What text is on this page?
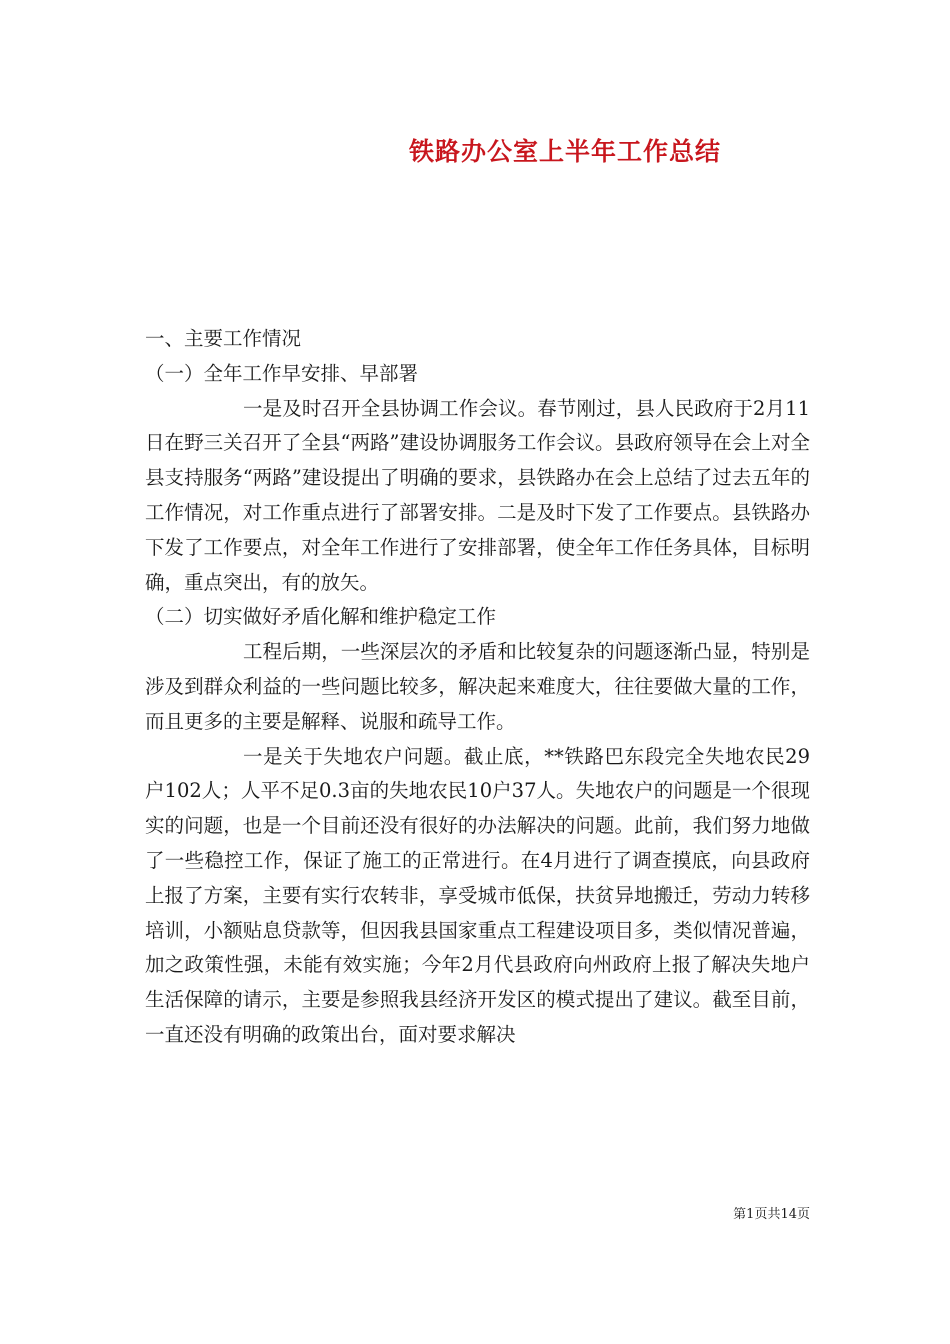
铁路办公室上半年工作总结

一、主要工作情况

（一）全年工作早安排、早部署

一是及时召开全县协调工作会议。春节刚过，县人民政府于2月11日在野三关召开了全县“两路”建设协调服务工作会议。县政府领导在会上对全县支持服务“两路”建设提出了明确的要求，县铁路办在会上总结了过去五年的工作情况，对工作重点进行了部署安排。二是及时下发了工作要点。县铁路办下发了工作要点，对全年工作进行了安排部署，使全年工作任务具体，目标明确，重点突出，有的放矢。

（二）切实做好矛盾化解和维护稳定工作

工程后期，一些深层次的矛盾和比较复杂的问题逐渐凸显，特别是涉及到群众利益的一些问题比较多，解决起来难度大，往往要做大量的工作，而且更多的主要是解释、说服和疏导工作。

一是关于失地农户问题。截止底，**铁路巴东段完全失地农民29户102人；人平不足0.3亩的失地农民10户37人。失地农户的问题是一个很现实的问题，也是一个目前还没有很好的办法解决的问题。此前，我们努力地做了一些稳控工作，保证了施工的正常进行。在4月进行了调查摸底，向县政府上报了方案，主要有实行农转非，享受城市低保，扶贫异地搬迁，劳动力转移培训，小额贴息贷款等，但因我县国家重点工程建设项目多，类似情况普遍，加之政策性强，未能有效实施；今年2月代县政府向州政府上报了解决失地户生活保障的请示，主要是参照我县经济开发区的模式提出了建议。截至目前，一直还没有明确的政策出台，面对要求解决

第1页共14页
